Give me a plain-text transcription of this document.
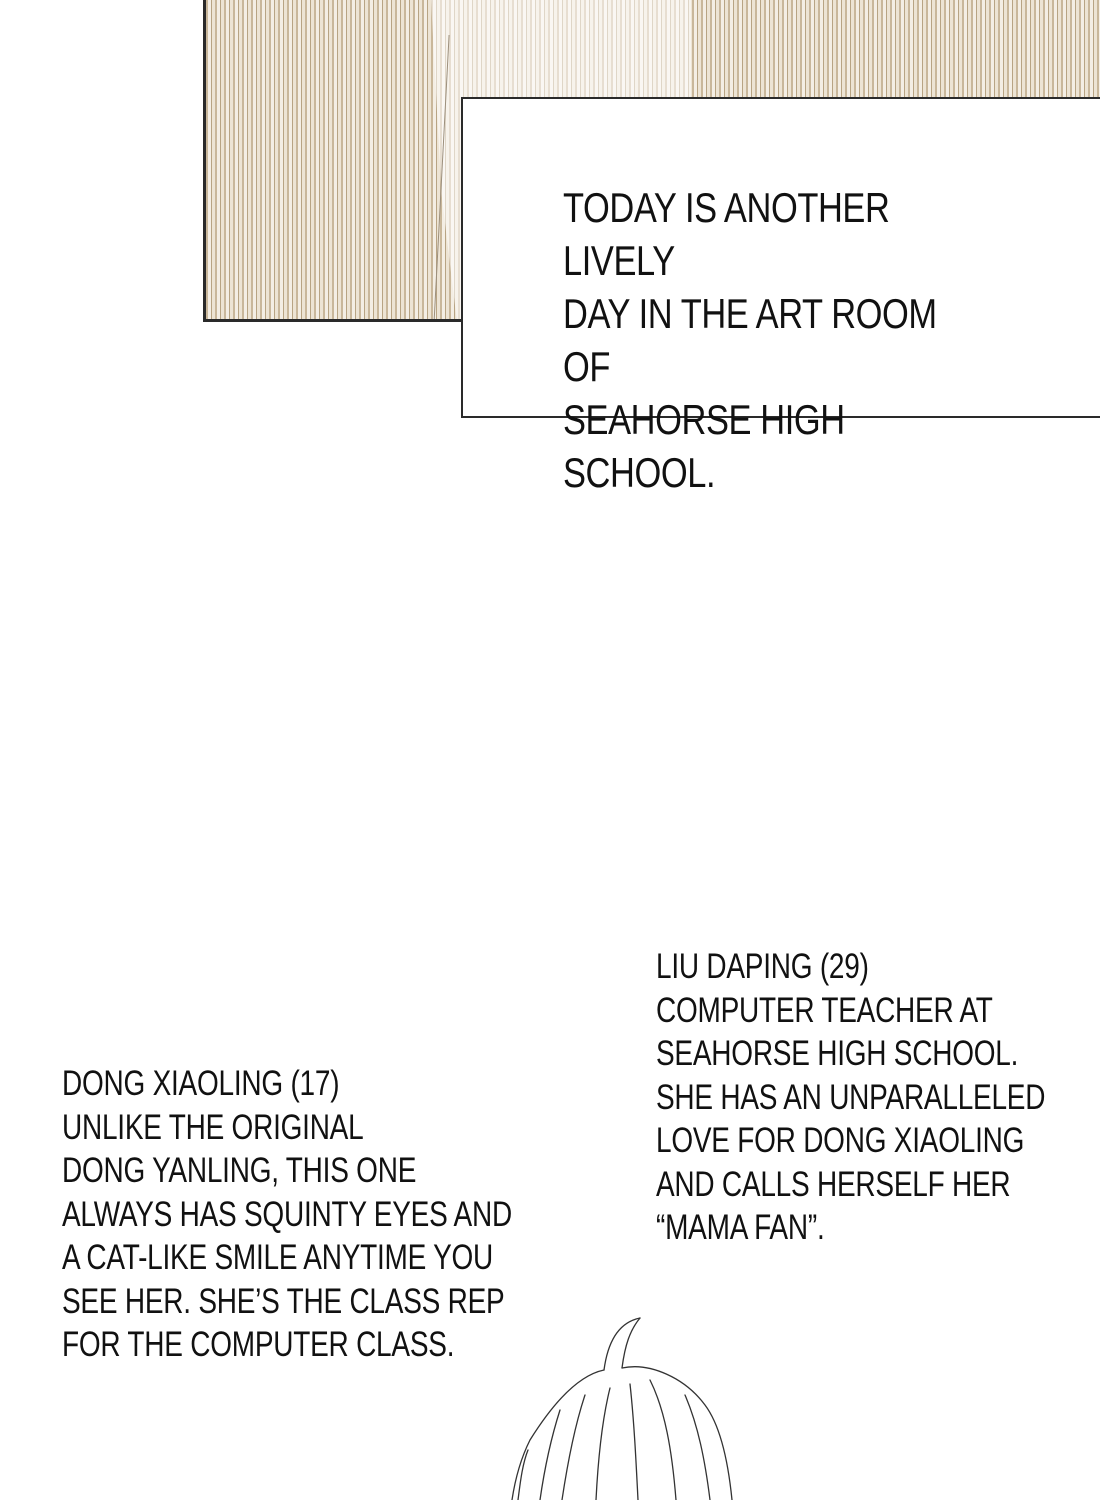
TODAY IS ANOTHER LIVELY
DAY IN THE ART ROOM OF
SEAHORSE HIGH SCHOOL.
LIU DAPING (29)
COMPUTER TEACHER AT
SEAHORSE HIGH SCHOOL.
SHE HAS AN UNPARALLELED
LOVE FOR DONG XIAOLING
AND CALLS HERSELF HER
“MAMA FAN”.
DONG XIAOLING (17)
UNLIKE THE ORIGINAL
DONG YANLING, THIS ONE
ALWAYS HAS SQUINTY EYES AND
A CAT-LIKE SMILE ANYTIME YOU
SEE HER. SHE’S THE CLASS REP
FOR THE COMPUTER CLASS.
